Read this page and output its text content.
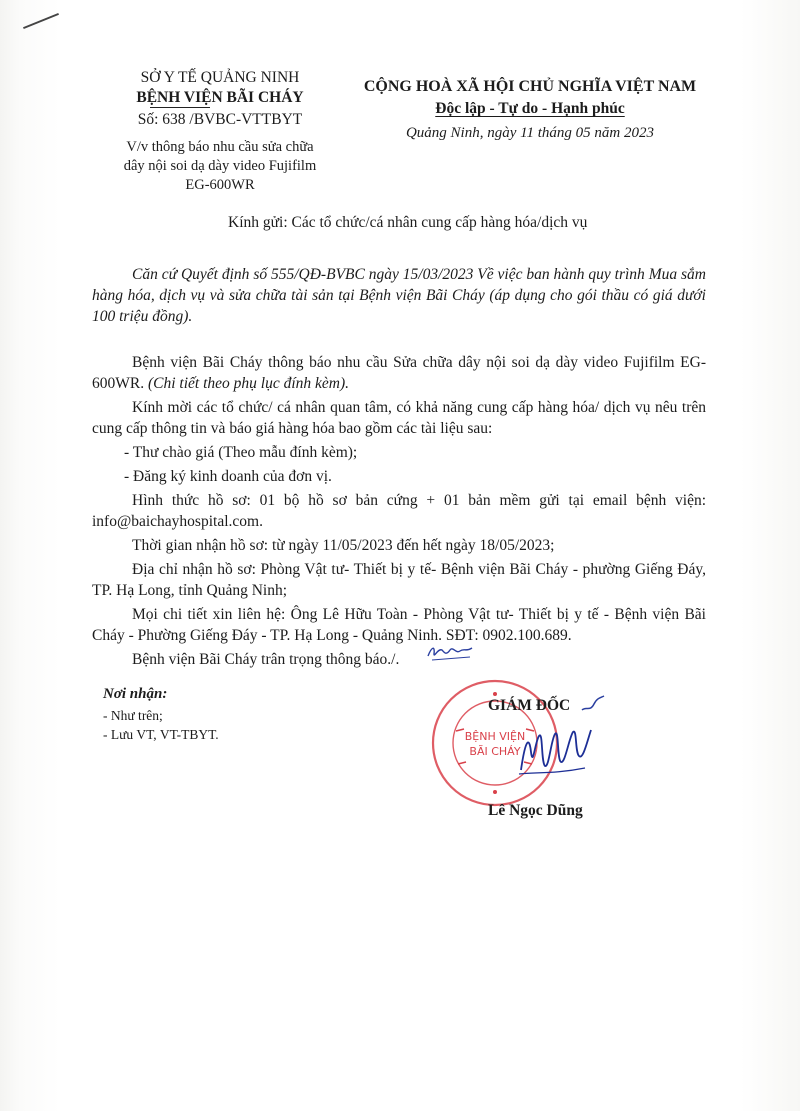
SỞ Y TẾ QUẢNG NINH
BỆNH VIỆN BÃI CHÁY
Số: 638 /BVBC-VTTBYT
V/v thông báo nhu cầu sửa chữa
dây nội soi dạ dày video Fujifilm
EG-600WR
CỘNG HOÀ XÃ HỘI CHỦ NGHĨA VIỆT NAM
Độc lập - Tự do - Hạnh phúc
Quảng Ninh, ngày 11 tháng 05 năm 2023
Kính gửi: Các tổ chức/cá nhân cung cấp hàng hóa/dịch vụ
Căn cứ Quyết định số 555/QĐ-BVBC ngày 15/03/2023 Về việc ban hành quy trình Mua sắm hàng hóa, dịch vụ và sửa chữa tài sản tại Bệnh viện Bãi Cháy (áp dụng cho gói thầu có giá dưới 100 triệu đồng).

Bệnh viện Bãi Cháy thông báo nhu cầu Sửa chữa dây nội soi dạ dày video Fujifilm EG-600WR. (Chi tiết theo phụ lục đính kèm).

Kính mời các tổ chức/ cá nhân quan tâm, có khả năng cung cấp hàng hóa/ dịch vụ nêu trên cung cấp thông tin và báo giá hàng hóa bao gồm các tài liệu sau:

- Thư chào giá (Theo mẫu đính kèm);

- Đăng ký kinh doanh của đơn vị.

Hình thức hồ sơ: 01 bộ hồ sơ bản cứng + 01 bản mềm gửi tại email bệnh viện: info@baichayhospital.com.

Thời gian nhận hồ sơ: từ ngày 11/05/2023 đến hết ngày 18/05/2023;

Địa chỉ nhận hồ sơ: Phòng Vật tư- Thiết bị y tế- Bệnh viện Bãi Cháy - phường Giếng Đáy, TP. Hạ Long, tỉnh Quảng Ninh;

Mọi chi tiết xin liên hệ: Ông Lê Hữu Toàn - Phòng Vật tư- Thiết bị y tế - Bệnh viện Bãi Cháy - Phường Giếng Đáy - TP. Hạ Long - Quảng Ninh. SĐT: 0902.100.689.

Bệnh viện Bãi Cháy trân trọng thông báo./.

Nơi nhận:
- Như trên;
- Lưu VT, VT-TBYT.	BỆNH VIỆN
BÃI CHÁY
GIÁM ĐỐC
Lê Ngọc Dũng
